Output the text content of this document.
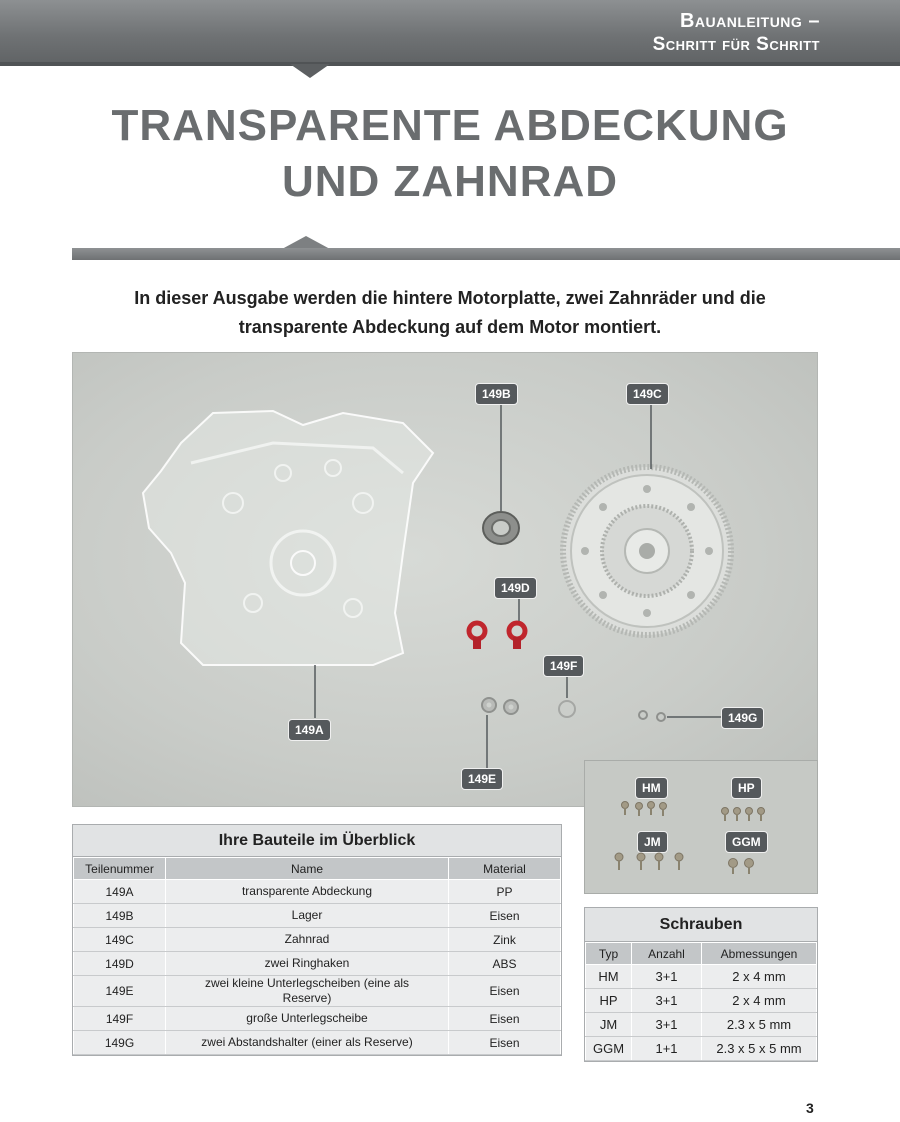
Bauanleitung –
Schritt für Schritt
TRANSPARENTE ABDECKUNG
UND ZAHNRAD
In dieser Ausgabe werden die hintere Motorplatte, zwei Zahnräder und die
transparente Abdeckung auf dem Motor montiert.
149B	149C
149D
149F
149G
149A
149E
HM	HP
JM	GGM
Ihre Bauteile im Überblick
Teilenummer	Name	Material
149A	transparente Abdeckung	PP
149B	Lager	Eisen
149C	Zahnrad	Zink
149D	zwei Ringhaken	ABS
149E	zwei kleine Unterlegscheiben (eine als Reserve)	Eisen
149F	große Unterlegscheibe	Eisen
149G	zwei Abstandshalter (einer als Reserve)	Eisen
Schrauben
Typ	Anzahl	Abmessungen
HM	3+1	2 x 4 mm
HP	3+1	2 x 4 mm
JM	3+1	2.3 x 5 mm
GGM	1+1	2.3 x 5 x 5 mm
3
